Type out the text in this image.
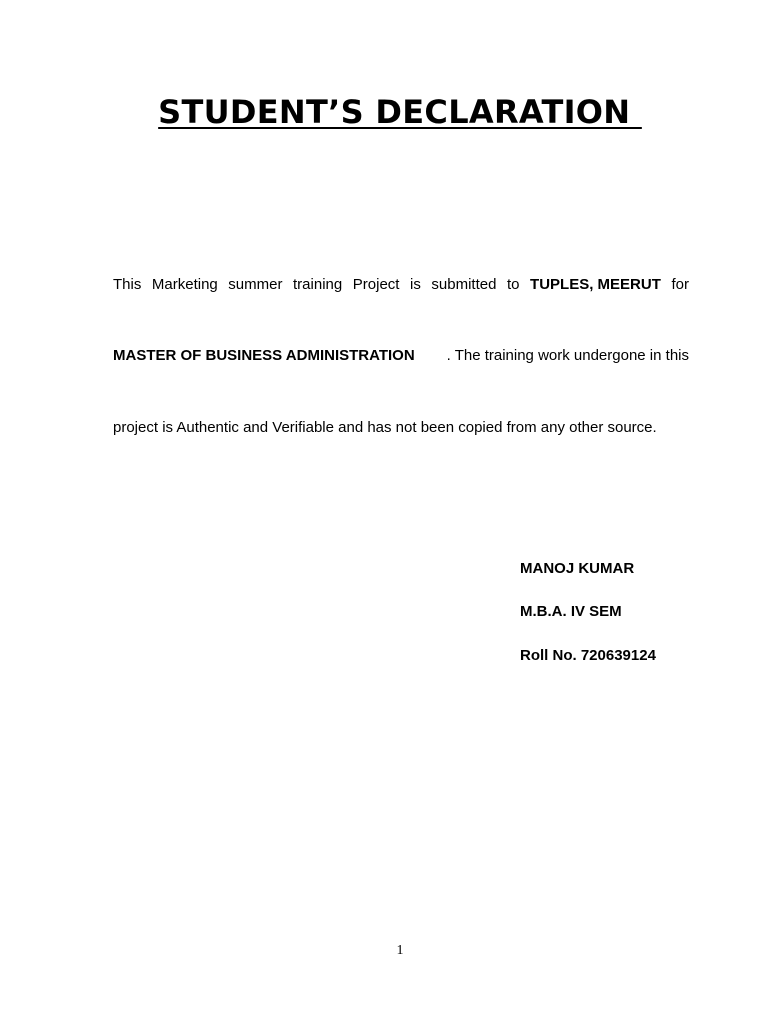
STUDENT’S DECLARATION
This Marketing summer training Project is submitted to TUPLES, MEERUT for
MASTER OF BUSINESS ADMINISTRATION . The training work undergone in this
project is Authentic and Verifiable and has not been copied from any other source.
MANOJ KUMAR
M.B.A. IV SEM
Roll No. 720639124
1
